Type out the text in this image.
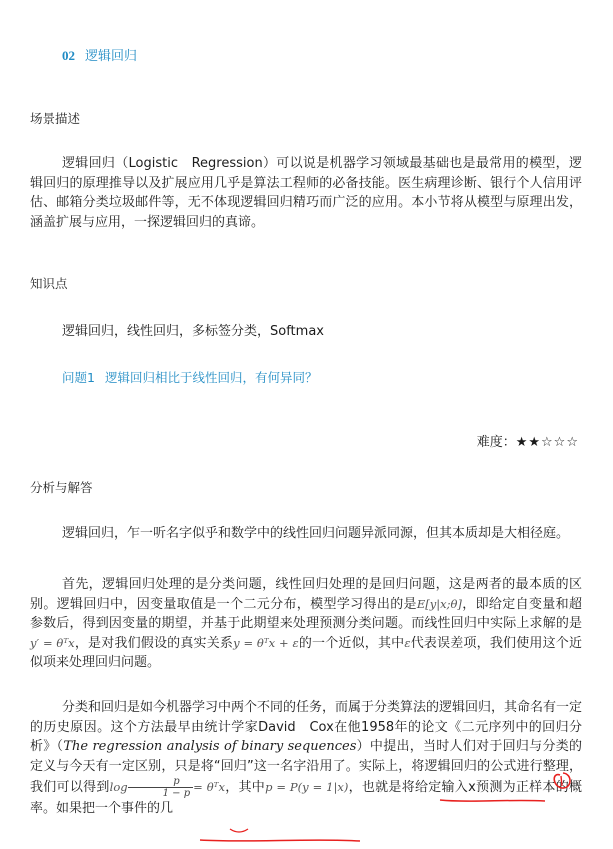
02 逻辑回归
场景描述
逻辑回归（Logistic　Regression）可以说是机器学习领域最基础也是最常用的模型，逻辑回归的原理推导以及扩展应用几乎是算法工程师的必备技能。医生病理诊断、银行个人信用评估、邮箱分类垃圾邮件等，无不体现逻辑回归精巧而广泛的应用。本小节将从模型与原理出发，涵盖扩展与应用，一探逻辑回归的真谛。
知识点
逻辑回归，线性回归，多标签分类，Softmax
问题1 逻辑回归相比于线性回归，有何异同？
难度：★★☆☆☆
分析与解答
逻辑回归，乍一听名字似乎和数学中的线性回归问题异派同源，但其本质却是大相径庭。
首先，逻辑回归处理的是分类问题，线性回归处理的是回归问题，这是两者的最本质的区别。逻辑回归中，因变量取值是一个二元分布，模型学习得出的是E[y|x;θ]，即给定自变量和超参数后，得到因变量的期望，并基于此期望来处理预测分类问题。而线性回归中实际上求解的是y′ = θᵀx，是对我们假设的真实关系y = θᵀx + ε的一个近似，其中ε代表误差项，我们使用这个近似项来处理回归问题。
分类和回归是如今机器学习中两个不同的任务，而属于分类算法的逻辑回归，其命名有一定的历史原因。这个方法最早由统计学家David　Cox在他1958年的论文《二元序列中的回归分析》（The regression analysis of binary sequences）中提出，当时人们对于回归与分类的定义与今天有一定区别，只是将“回归”这一名字沿用了。实际上，将逻辑回归的公式进行整理，我们可以得到$\log \frac{p}{1 - p}$ = θᵀx，其中p = P(y = 1|x)，也就是将给定输入x预测为正样本的概率。如果把一个事件的几
